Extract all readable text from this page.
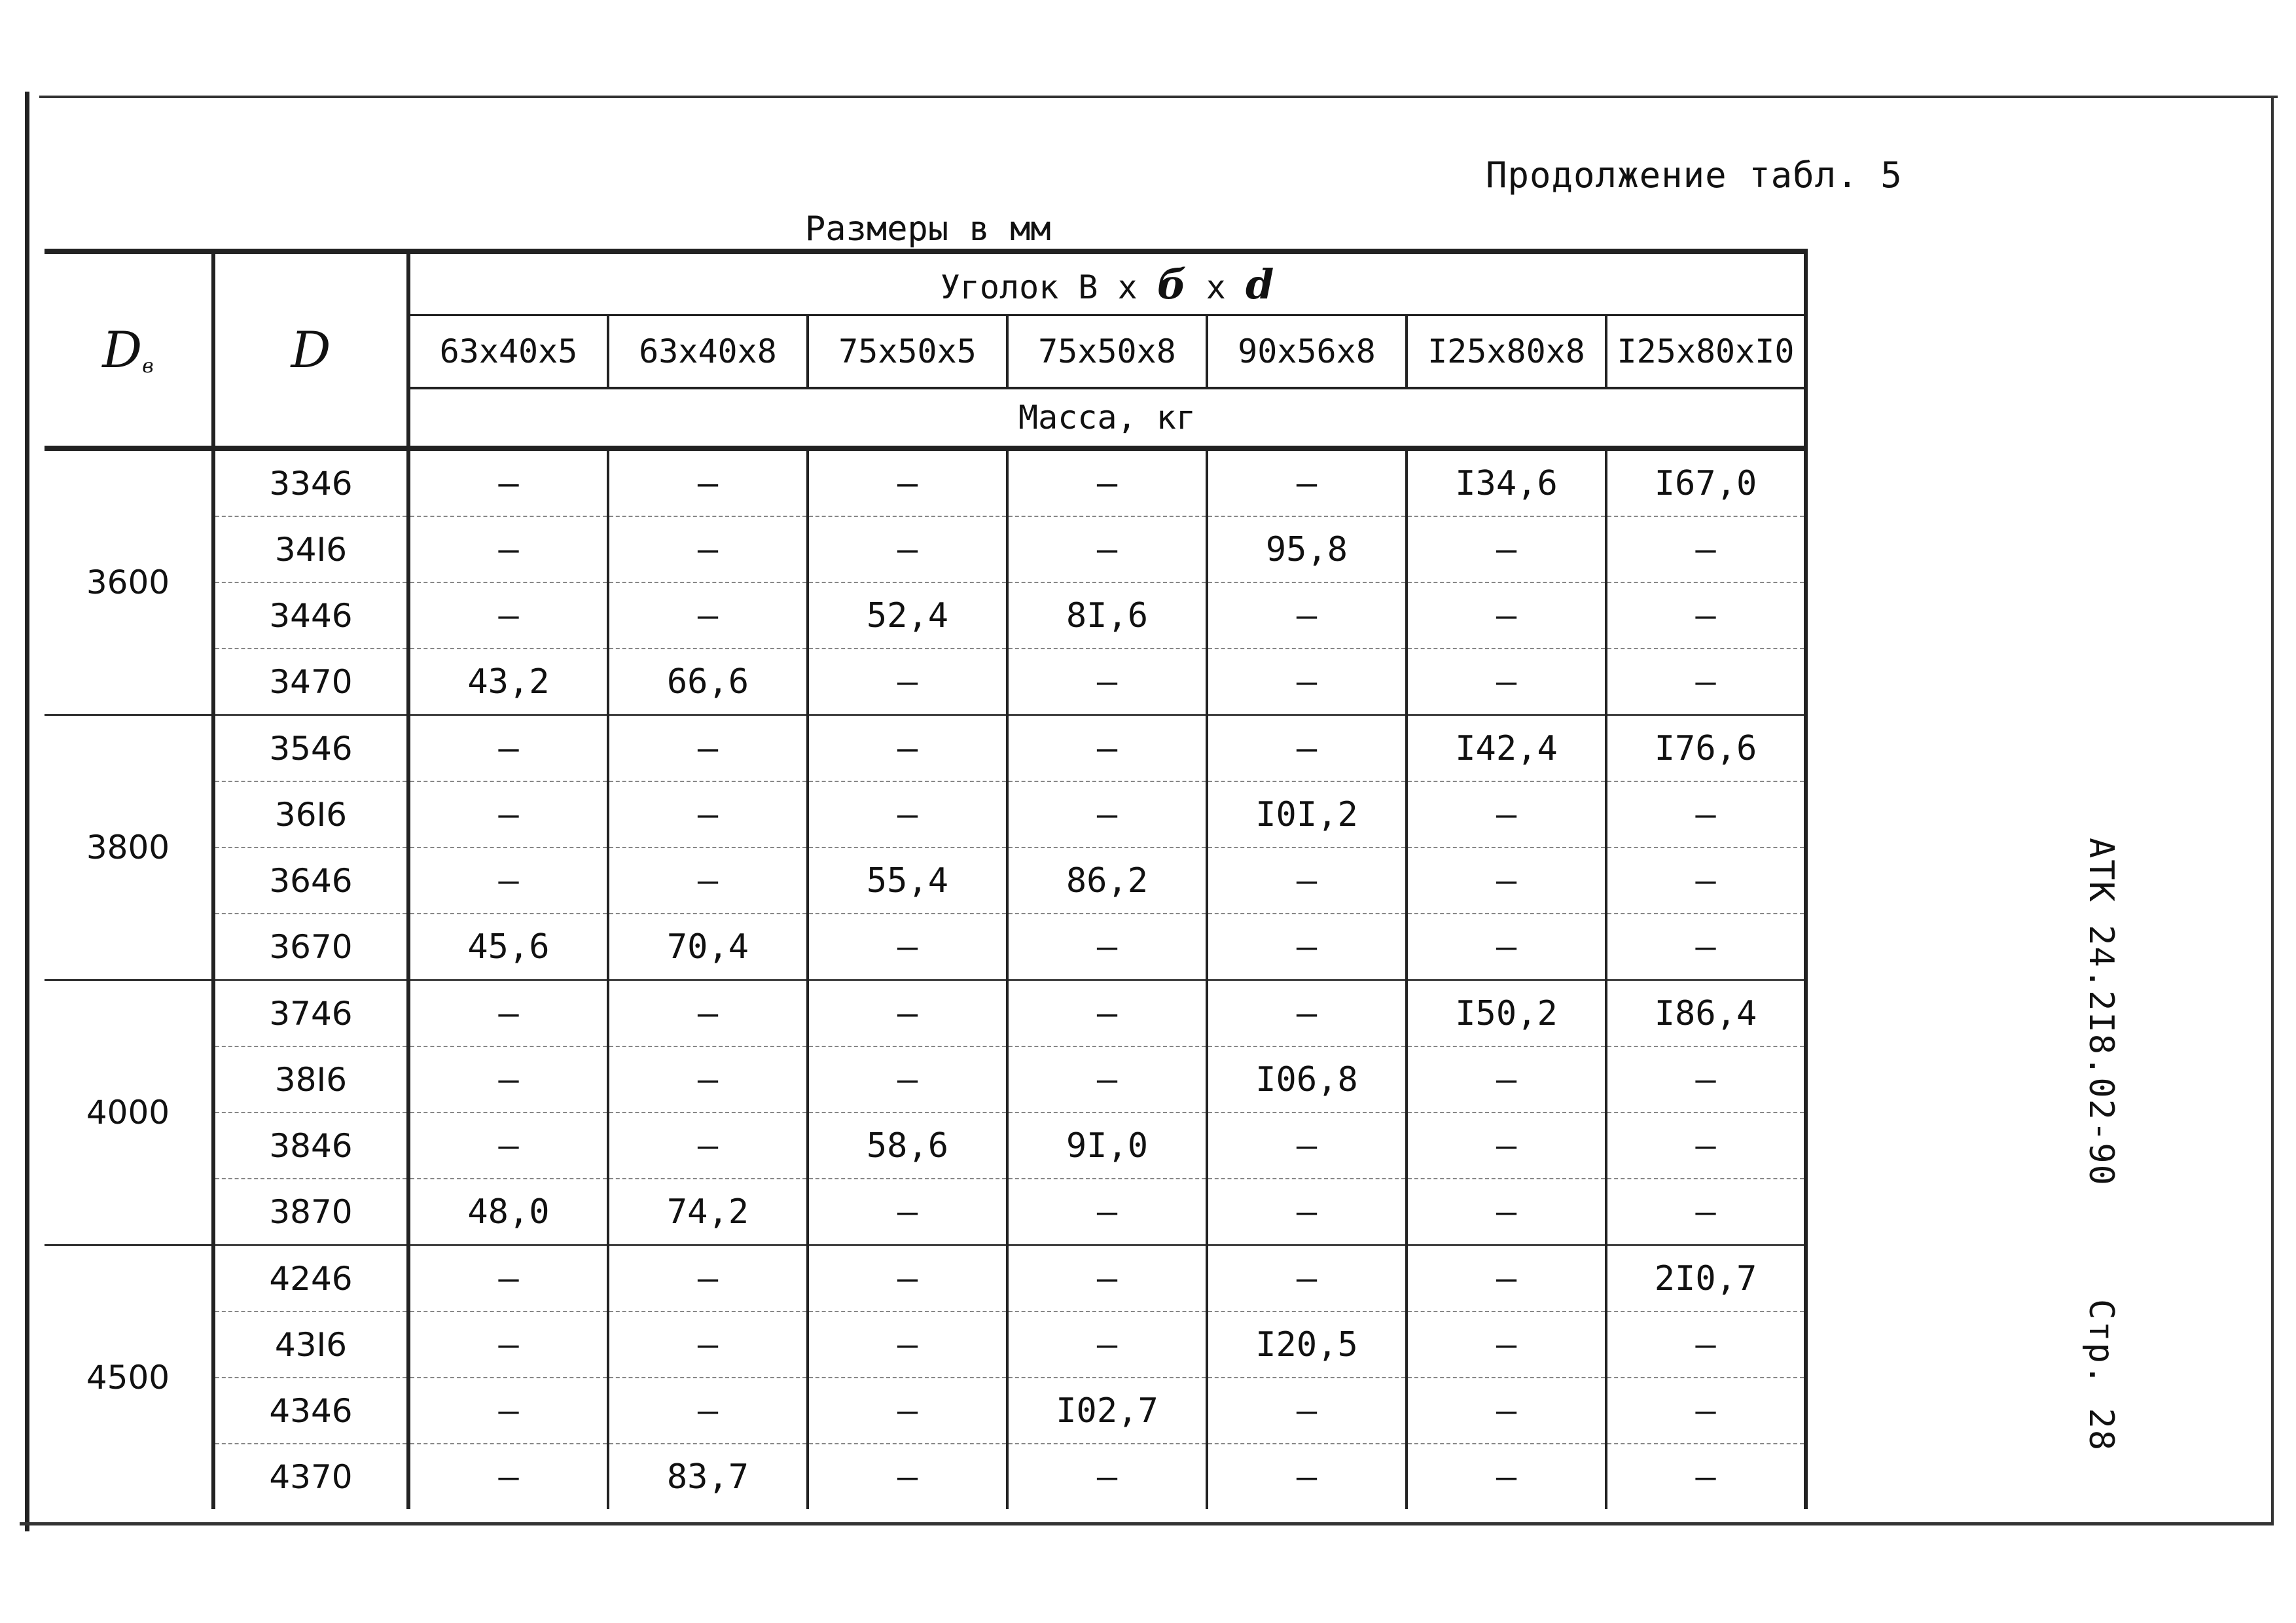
Продолжение табл. 5
Размеры в мм
АТК 24.2I8.02-90
Стр. 28
$D_в$	D	Уголок В x б x d						
		63x40x5	63x40x8	75x50x5	75x50x8	90x56x8	I25x80x8	I25x80xI0
		Масса, кг						
3600	3346	–	–	–	–	–	I34,6	I67,0
	34I6	–	–	–	–	95,8	–	–
	3446	–	–	52,4	8I,6	–	–	–
	3470	43,2	66,6	–	–	–	–	–
3800	3546	–	–	–	–	–	I42,4	I76,6
	36I6	–	–	–	–	I0I,2	–	–
	3646	–	–	55,4	86,2	–	–	–
	3670	45,6	70,4	–	–	–	–	–
4000	3746	–	–	–	–	–	I50,2	I86,4
	38I6	–	–	–	–	I06,8	–	–
	3846	–	–	58,6	9I,0	–	–	–
	3870	48,0	74,2	–	–	–	–	–
4500	4246	–	–	–	–	–	–	2I0,7
	43I6	–	–	–	–	I20,5	–	–
	4346	–	–	–	I02,7	–	–	–
	4370	–	83,7	–	–	–	–	–
